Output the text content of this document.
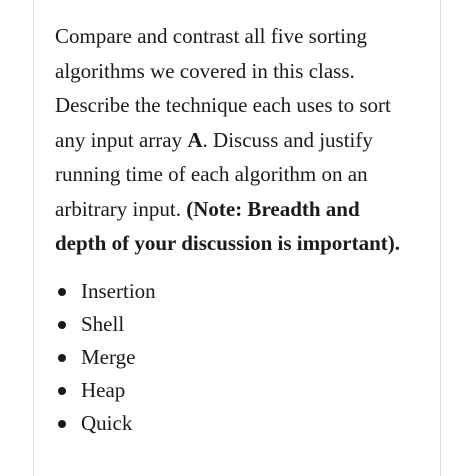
Compare and contrast all five sorting
algorithms we covered in this class.
Describe the technique each uses to sort
any input array A. Discuss and justify
running time of each algorithm on an
arbitrary input. (Note: Breadth and
depth of your discussion is important).

Insertion
Shell
Merge
Heap
Quick
